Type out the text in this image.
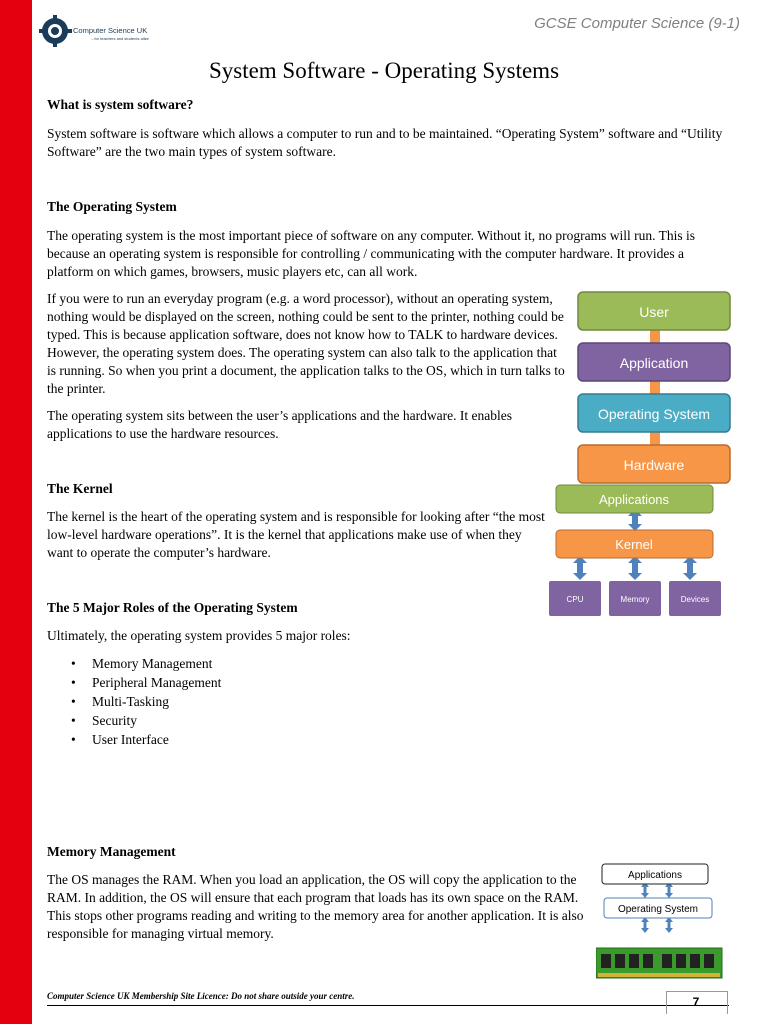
Computer Science UK
...for teachers and students alike
GCSE Computer Science (9-1)
System Software - Operating Systems
What is system software?
System software is software which allows a computer to run and to be maintained. “Operating System” software and “Utility Software” are the two main types of system software.
The Operating System
The operating system is the most important piece of software on any computer. Without it, no programs will run. This is because an operating system is responsible for controlling / communicating with the computer hardware. It provides a platform on which games, browsers, music players etc, can all work.
If you were to run an everyday program (e.g. a word processor), without an operating system, nothing would be displayed on the screen, nothing could be sent to the printer, nothing could be typed. This is because application software, does not know how to TALK to hardware devices. However, the operating system does. The operating system can also talk to the application that is running. So when you print a document, the application talks to the OS, which in turn talks to the printer.
The operating system sits between the user’s applications and the hardware. It enables applications to use the hardware resources.
The Kernel
The kernel is the heart of the operating system and is responsible for looking after “the most low-level hardware operations”. It is the kernel that applications make use of when they want to operate the computer’s hardware.
The 5 Major Roles of the Operating System
Ultimately, the operating system provides 5 major roles:
• Memory Management
• Peripheral Management
• Multi-Tasking
• Security
• User Interface
Memory Management
The OS manages the RAM. When you load an application, the OS will copy the application to the RAM. In addition, the OS will ensure that each program that loads has its own space on the RAM. This stops other programs reading and writing to the memory area for another application. It is also responsible for managing virtual memory.
User
Application
Operating System
Hardware
Applications
Kernel
CPU	Memory	Devices
Applications
Operating System
Computer Science UK Membership Site Licence: Do not share outside your centre.	7
